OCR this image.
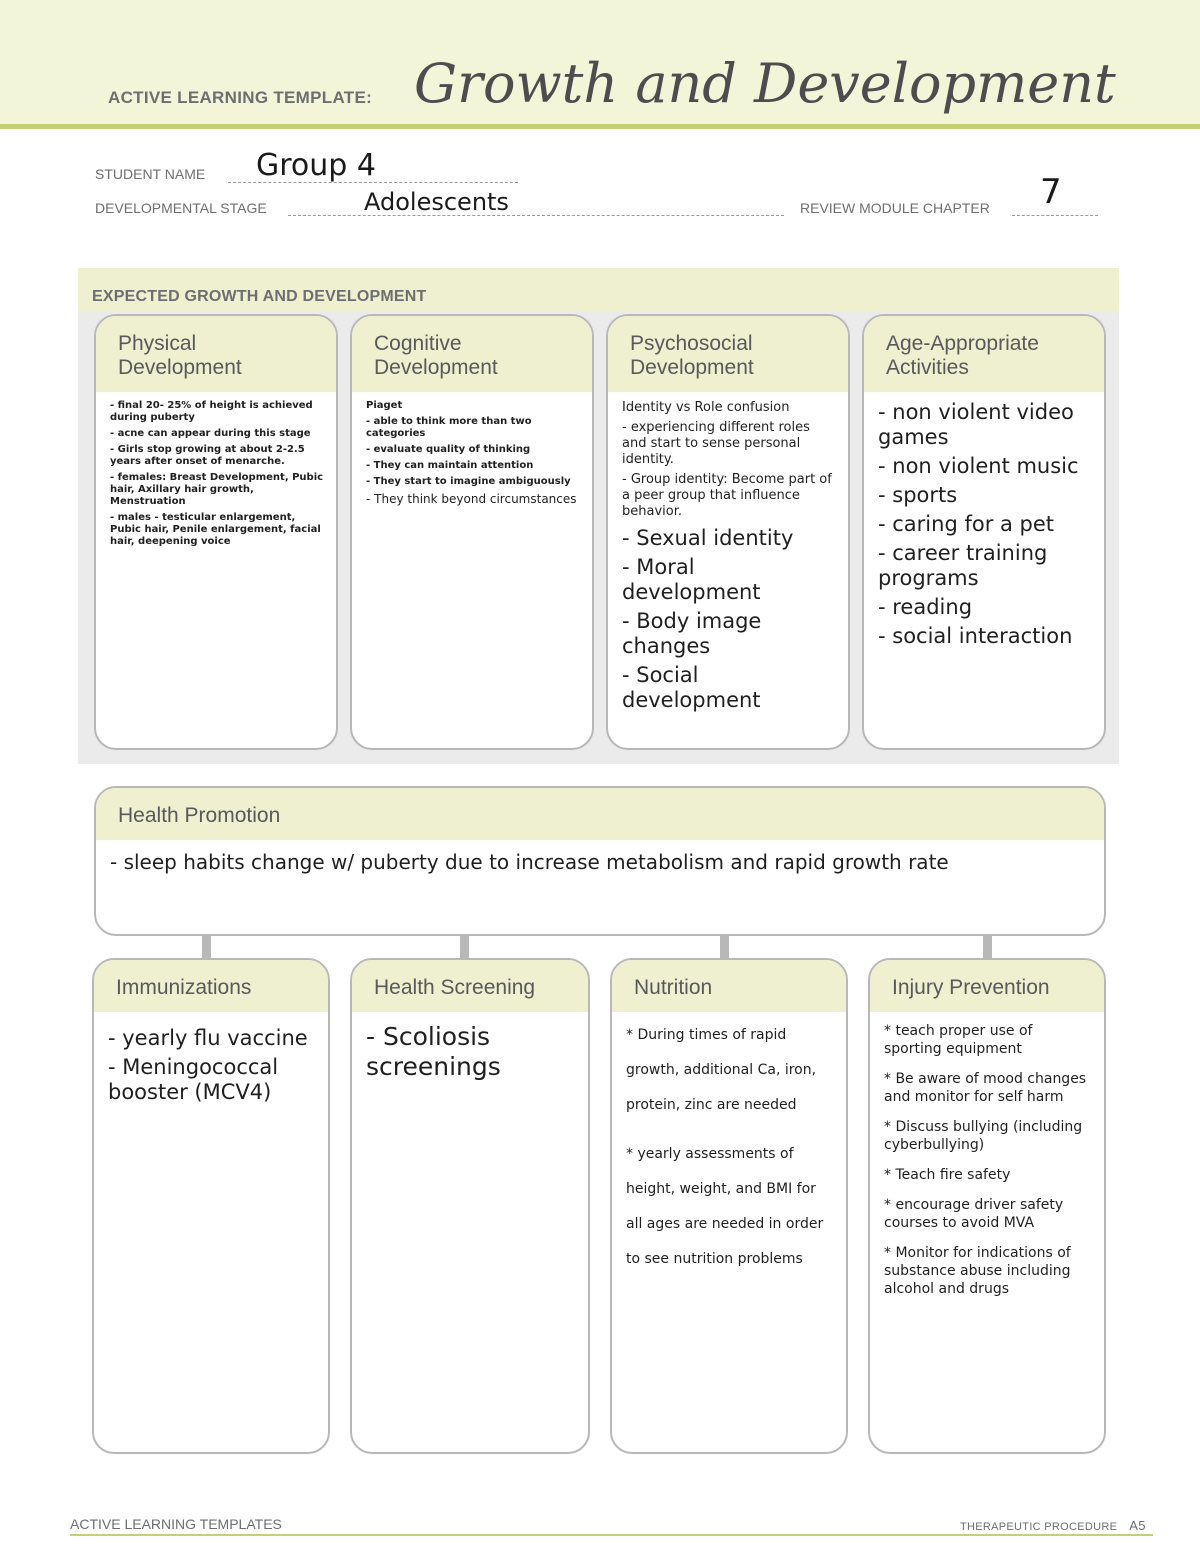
ACTIVE LEARNING TEMPLATE: Growth and Development
STUDENT NAME Group 4
DEVELOPMENTAL STAGE	Adolescents	REVIEW MODULE CHAPTER 7
EXPECTED GROWTH AND DEVELOPMENT
Physical
Development
- final 20- 25% of height is achieved during puberty
- acne can appear during this stage
- Girls stop growing at about 2-2.5 years after onset of menarche.
- females: Breast Development, Pubic hair, Axillary hair growth, Menstruation
- males - testicular enlargement, Pubic hair, Penile enlargement, facial hair, deepening voice
Cognitive
Development
Piaget
- able to think more than two categories
- evaluate quality of thinking
- They can maintain attention
- They start to imagine ambiguously
- They think beyond circumstances
Psychosocial
Development
Identity vs Role confusion
- experiencing different roles and start to sense personal identity.
- Group identity: Become part of a peer group that influence behavior.
- Sexual identity
- Moral development
- Body image changes
- Social development
Age-Appropriate
Activities
- non violent video games
- non violent music
- sports
- caring for a pet
- career training programs
- reading
- social interaction
Health Promotion
- sleep habits change w/ puberty due to increase metabolism and rapid growth rate
Immunizations
- yearly flu vaccine
- Meningococcal booster (MCV4)
Health Screening
- Scoliosis screenings
Nutrition
* During times of rapid growth, additional Ca, iron, protein, zinc are needed
* yearly assessments of height, weight, and BMI for all ages are needed in order to see nutrition problems
Injury Prevention
* teach proper use of sporting equipment
* Be aware of mood changes and monitor for self harm
* Discuss bullying (including cyberbullying)
* Teach fire safety
* encourage driver safety courses to avoid MVA
* Monitor for indications of substance abuse including alcohol and drugs
ACTIVE LEARNING TEMPLATES	THERAPEUTIC PROCEDURE A5
